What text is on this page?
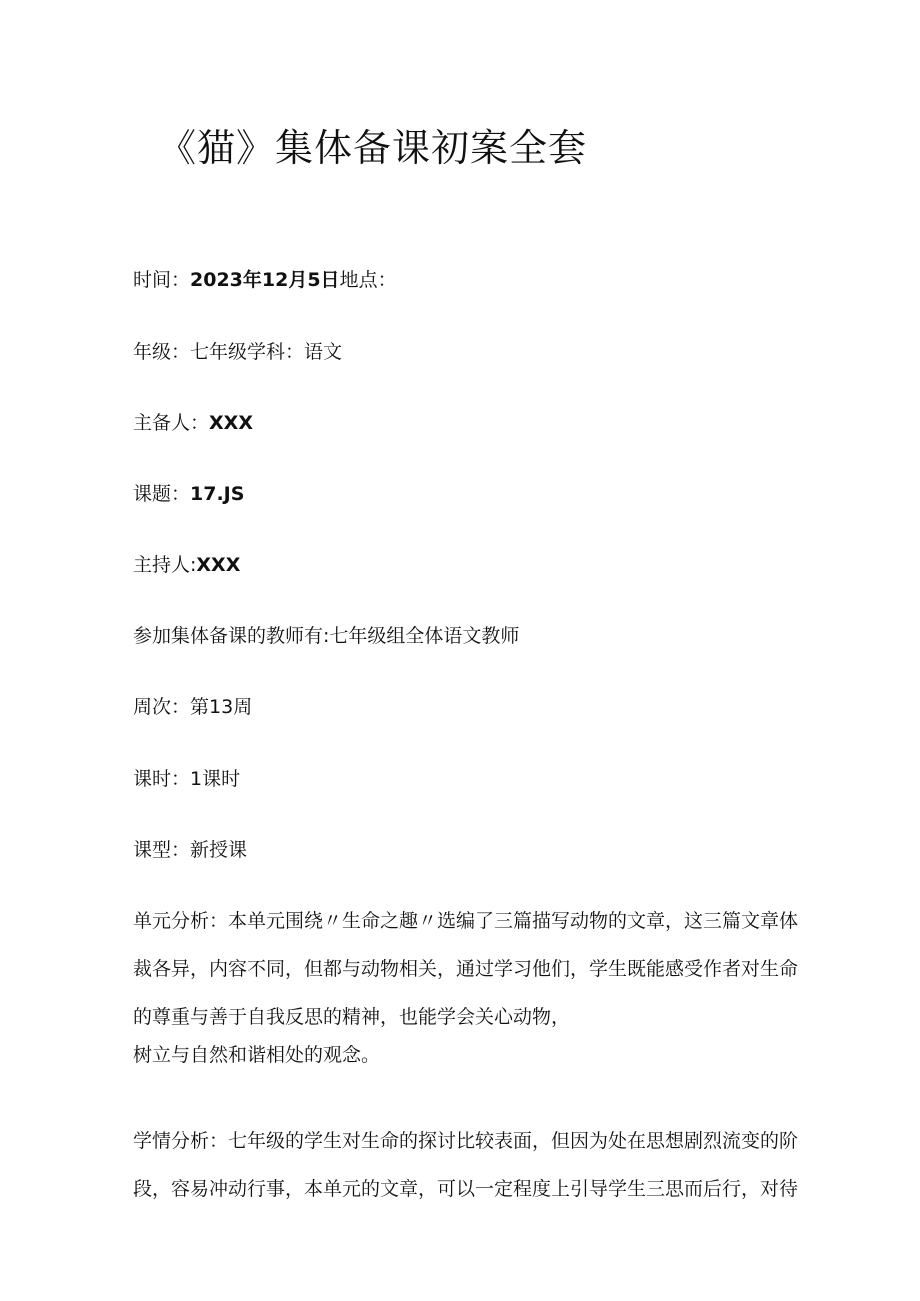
《猫》集体备课初案全套

时间：2023年12月5日地点：

年级：七年级学科：语文

主备人：XXX

课题：17.JS

主持人:XXX

参加集体备课的教师有:七年级组全体语文教师

周次：第13周

课时：1课时

课型：新授课

单元分析：本单元围绕〃生命之趣〃选编了三篇描写动物的文章，这三篇文章体
裁各异，内容不同，但都与动物相关，通过学习他们，学生既能感受作者对生命
的尊重与善于自我反思的精神，也能学会关心动物，
树立与自然和谐相处的观念。
学情分析：七年级的学生对生命的探讨比较表面，但因为处在思想剧烈流变的阶
段，容易冲动行事，本单元的文章，可以一定程度上引导学生三思而后行，对待
